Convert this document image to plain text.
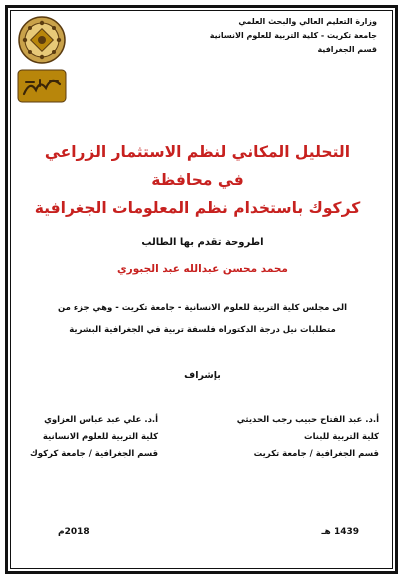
وزارة التعليم العالي والبحث العلمي
جامعة تكريت - كلية التربية للعلوم الانسانية
قسم الجغرافية
التحليل المكاني لنظم الاستثمار الزراعي في محافظة
كركوك باستخدام نظم المعلومات الجغرافية
اطروحة تقدم بها الطالب
محمد محسن عبدالله عبد الجبوري
الى مجلس كلية التربية للعلوم الانسانية - جامعة تكريت - وهي جزء من
متطلبات نيل درجة الدكتوراه فلسفة تربية في الجغرافية البشرية
بإشراف
أ.د. عبد الفتاح حبيب رجب الحديثي
كلية التربية للبنات
قسم الجغرافية / جامعة تكريت
أ.د. علي عبد عباس العزاوي
كلية التربية للعلوم الانسانية
قسم الجغرافية / جامعة كركوك
1439 هـ
2018م
